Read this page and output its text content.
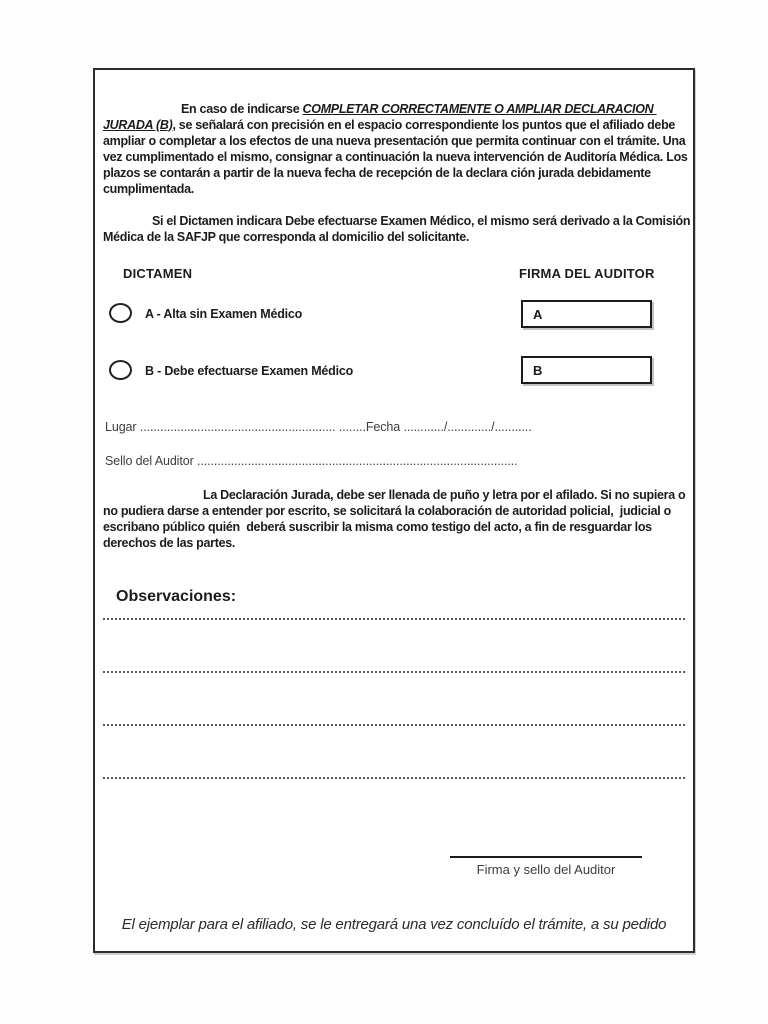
En caso de indicarse COMPLETAR CORRECTAMENTE O AMPLIAR DECLARACION JURADA (B), se señalará con precisión en el espacio correspondiente los puntos que el afiliado debe ampliar o completar a los efectos de una nueva presentación que permita continuar con el trámite. Una vez cumplimentado el mismo, consignar a continuación la nueva intervención de Auditoría Médica. Los plazos se contarán a partir de la nueva fecha de recepción de la declara ción jurada debidamente cumplimentada.

Si el Dictamen indicara Debe efectuarse Examen Médico, el mismo será derivado a la Comisión Médica de la SAFJP que corresponda al domicilio del solicitante.

DICTAMEN	FIRMA DEL AUDITOR
A - Alta sin Examen Médico	A
B - Debe efectuarse Examen Médico	B
Lugar .......................................................... ........Fecha ............/............./...........
Sello del Auditor ...............................................................................................

La Declaración Jurada, debe ser llenada de puño y letra por el afilado. Si no supiera o no pudiera darse a entender por escrito, se solicitará la colaboración de autoridad policial,  judicial o escribano público quién  deberá suscribir la misma como testigo del acto, a fin de resguardar los derechos de las partes.

Observaciones:
Firma y sello del Auditor
El ejemplar para el afiliado, se le entregará una vez concluído el trámite, a su pedido
